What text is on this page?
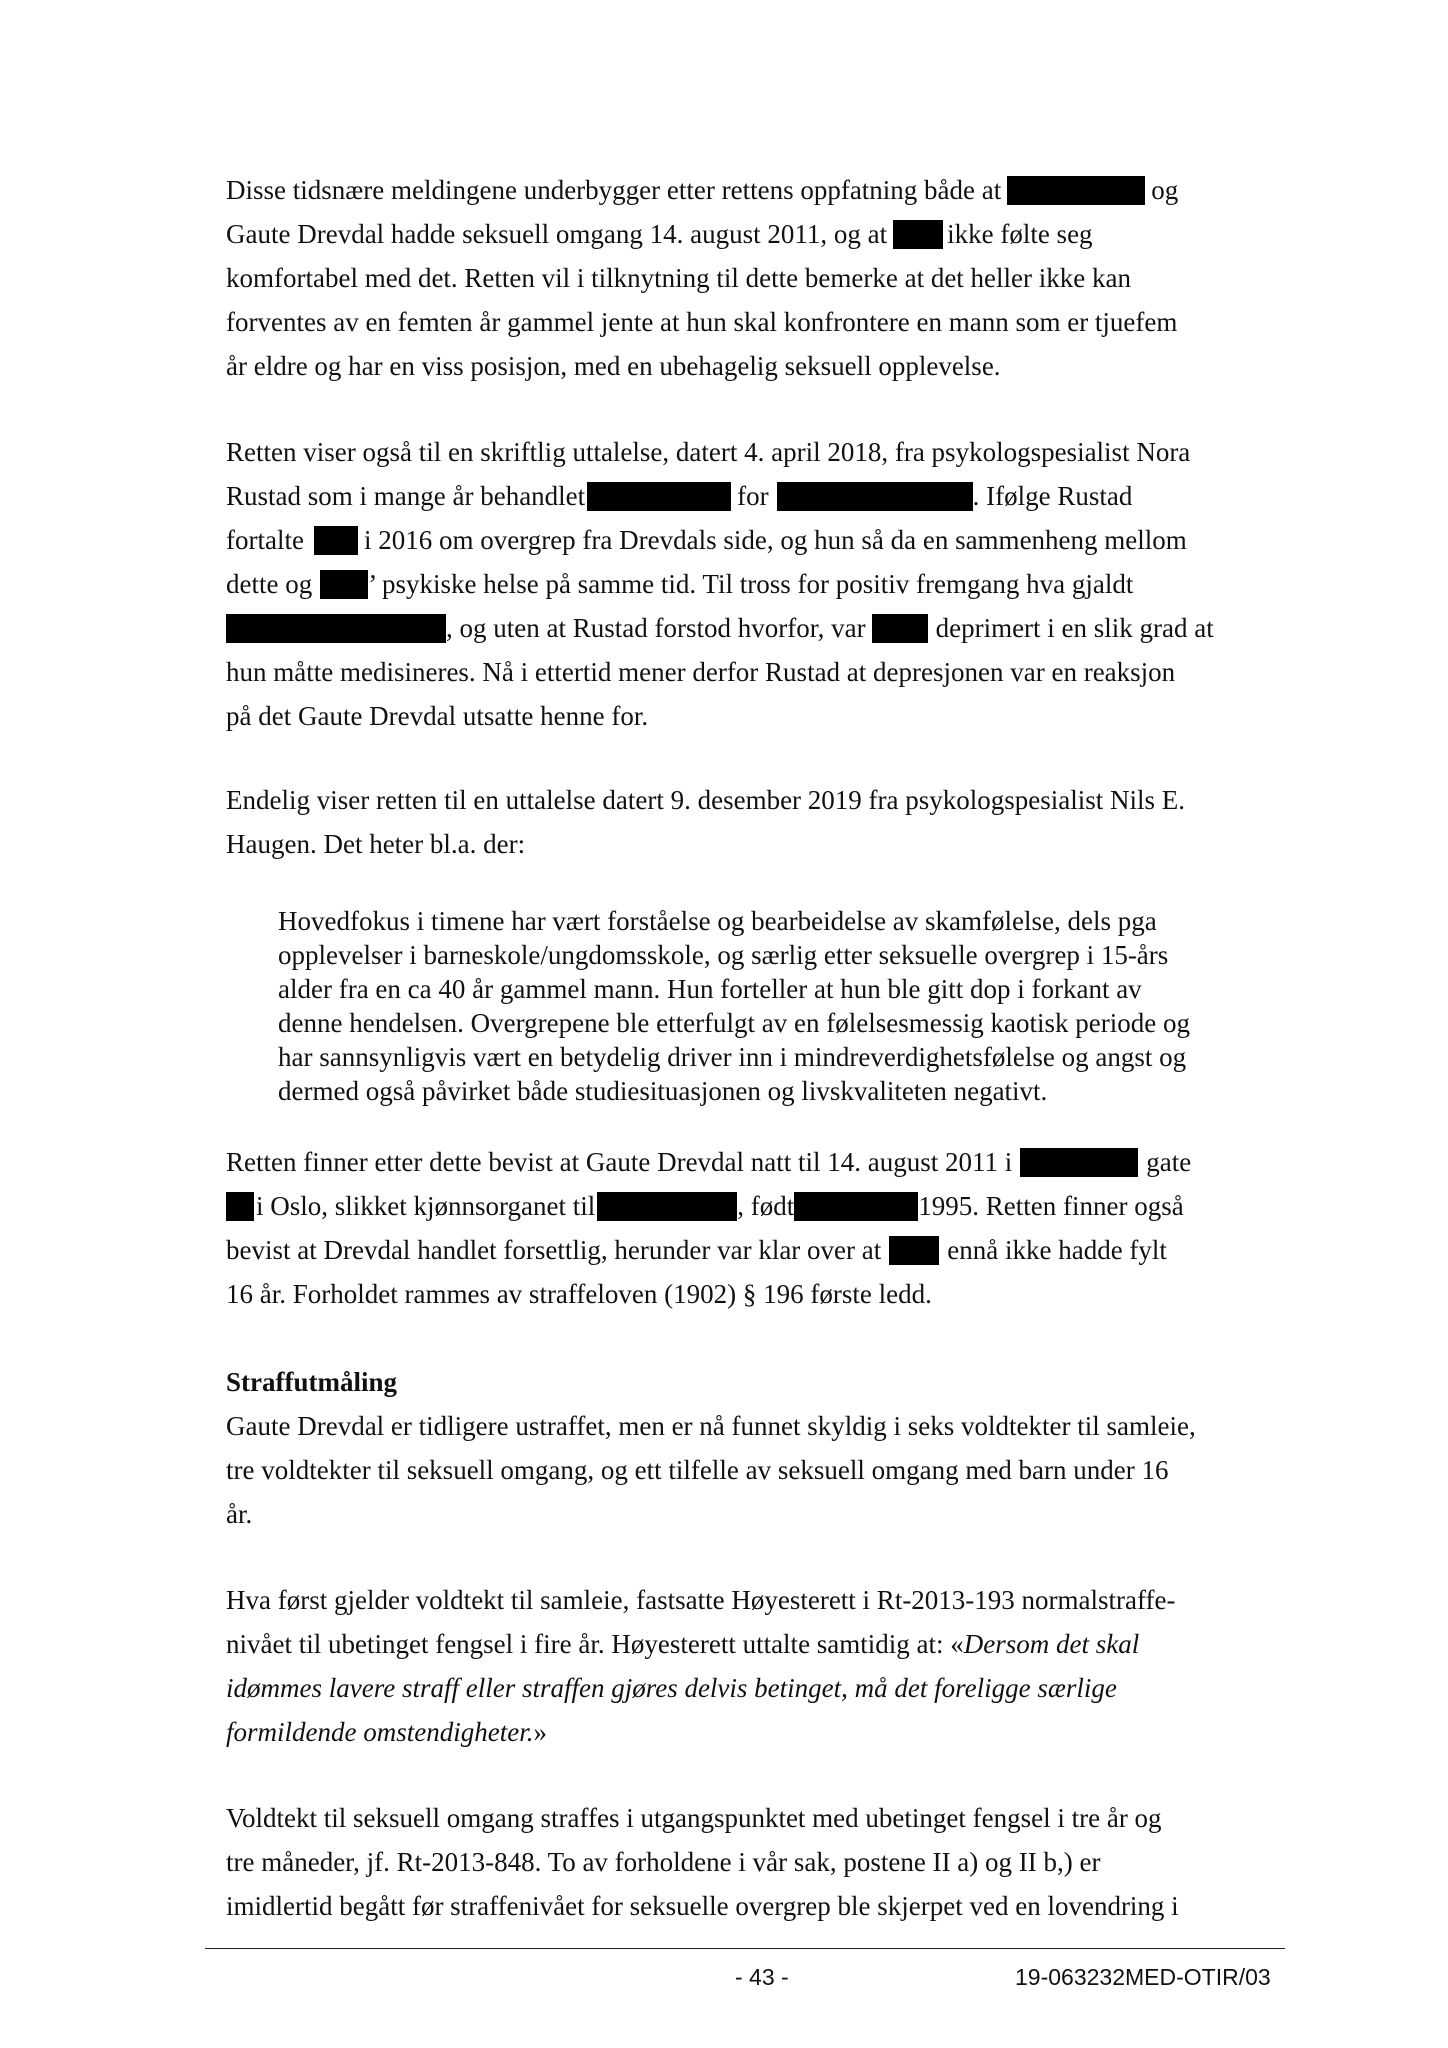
Disse tidsnære meldingene underbygger etter rettens oppfatning både at	og
Gaute Drevdal hadde seksuell omgang 14. august 2011, og at ikke følte seg
komfortabel med det. Retten vil i tilknytning til dette bemerke at det heller ikke kan
forventes av en femten år gammel jente at hun skal konfrontere en mann som er tjuefem
år eldre og har en viss posisjon, med en ubehagelig seksuell opplevelse.
Retten viser også til en skriftlig uttalelse, datert 4. april 2018, fra psykologspesialist Nora
Rustad som i mange år behandlet	for	. Ifølge Rustad
fortalte i 2016 om overgrep fra Drevdals side, og hun så da en sammenheng mellom
dette og ’ psykiske helse på samme tid. Til tross for positiv fremgang hva gjaldt
, og uten at Rustad forstod hvorfor, var	deprimert i en slik grad at
hun måtte medisineres. Nå i ettertid mener derfor Rustad at depresjonen var en reaksjon
på det Gaute Drevdal utsatte henne for.
Endelig viser retten til en uttalelse datert 9. desember 2019 fra psykologspesialist Nils E.
Haugen. Det heter bl.a. der:
Hovedfokus i timene har vært forståelse og bearbeidelse av skamfølelse, dels pga
opplevelser i barneskole/ungdomsskole, og særlig etter seksuelle overgrep i 15-års
alder fra en ca 40 år gammel mann. Hun forteller at hun ble gitt dop i forkant av
denne hendelsen. Overgrepene ble etterfulgt av en følelsesmessig kaotisk periode og
har sannsynligvis vært en betydelig driver inn i mindreverdighetsfølelse og angst og
dermed også påvirket både studiesituasjonen og livskvaliteten negativt.
Retten finner etter dette bevist at Gaute Drevdal natt til 14. august 2011 i	gate
i Oslo, slikket kjønnsorganet til	, født	1995. Retten finner også
bevist at Drevdal handlet forsettlig, herunder var klar over at ennå ikke hadde fylt
16 år. Forholdet rammes av straffeloven (1902) § 196 første ledd.
Straffutmåling
Gaute Drevdal er tidligere ustraffet, men er nå funnet skyldig i seks voldtekter til samleie,
tre voldtekter til seksuell omgang, og ett tilfelle av seksuell omgang med barn under 16
år.
Hva først gjelder voldtekt til samleie, fastsatte Høyesterett i Rt-2013-193 normalstraffe-
nivået til ubetinget fengsel i fire år. Høyesterett uttalte samtidig at: «Dersom det skal
idømmes lavere straff eller straffen gjøres delvis betinget, må det foreligge særlige
formildende omstendigheter.»
Voldtekt til seksuell omgang straffes i utgangspunktet med ubetinget fengsel i tre år og
tre måneder, jf. Rt-2013-848. To av forholdene i vår sak, postene II a) og II b,) er
imidlertid begått før straffenivået for seksuelle overgrep ble skjerpet ved en lovendring i
- 43 -	19-063232MED-OTIR/03
